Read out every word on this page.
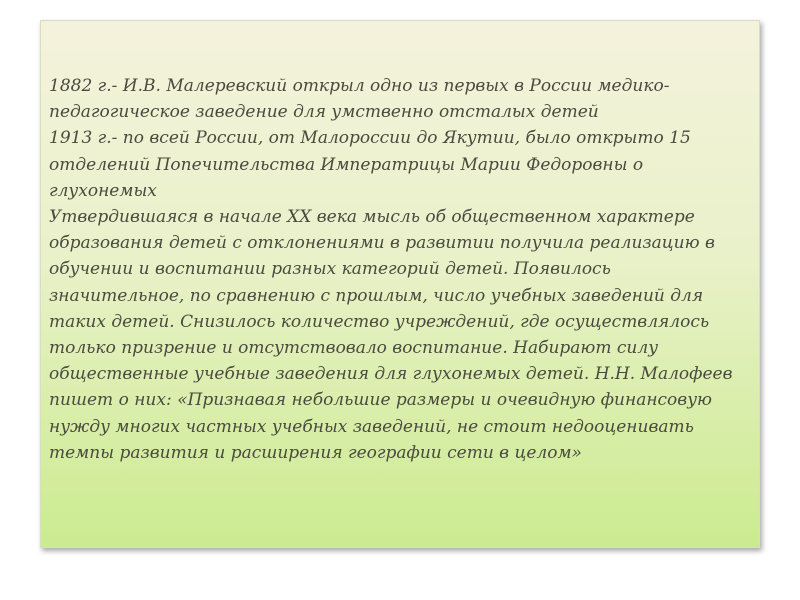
1882 г.- И.В. Малеревский открыл одно из первых в России медико-
педагогическое заведение для умственно отсталых детей
1913 г.- по всей России, от Малороссии до Якутии, было открыто 15
отделений Попечительства Императрицы Марии Федоровны о
глухонемых
Утвердившаяся в начале XX века мысль об общественном характере
образования детей с отклонениями в развитии получила реализацию в
обучении и воспитании разных категорий детей. Появилось
значительное, по сравнению с прошлым, число учебных заведений для
таких детей. Снизилось количество учреждений, где осуществлялось
только призрение и отсутствовало воспитание. Набирают силу
общественные учебные заведения для глухонемых детей. Н.Н. Малофеев
пишет о них: «Признавая небольшие размеры и очевидную финансовую
нужду многих частных учебных заведений, не стоит недооценивать
темпы развития и расширения географии сети в целом»
